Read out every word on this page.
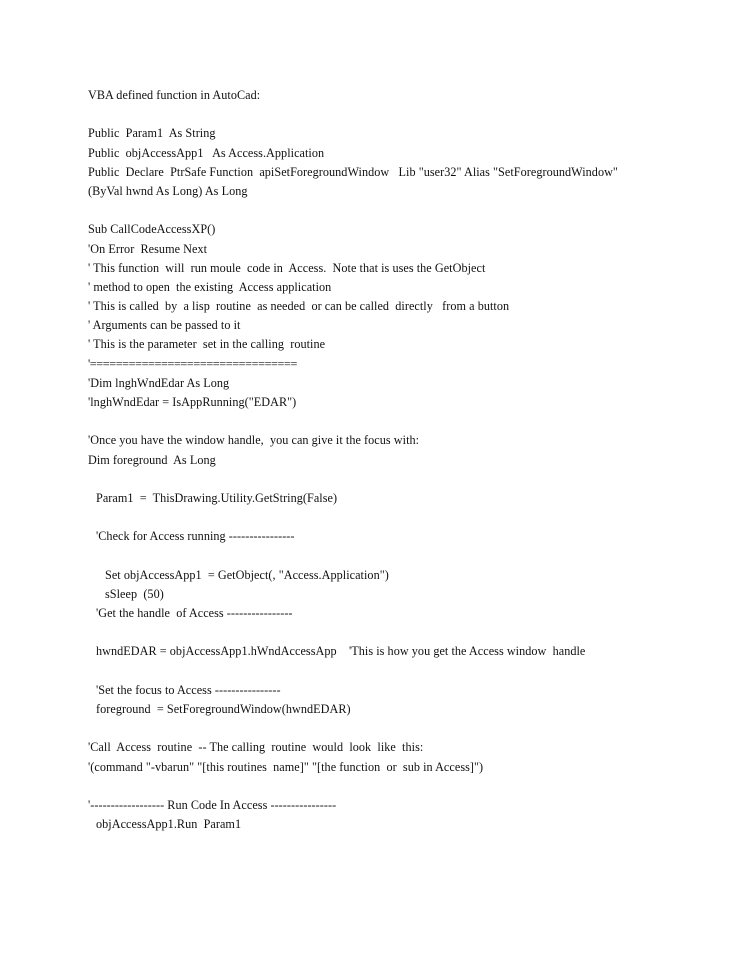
VBA defined function in AutoCad:
Public  Param1  As String
Public  objAccessApp1   As Access.Application
Public  Declare  PtrSafe Function  apiSetForegroundWindow   Lib "user32" Alias "SetForegroundWindow"
(ByVal hwnd As Long) As Long
Sub CallCodeAccessXP()
'On Error  Resume Next
' This function  will  run moule  code in  Access.  Note that is uses the GetObject
' method to open  the existing  Access application
' This is called  by  a lisp  routine  as needed  or can be called  directly   from a button
' Arguments can be passed to it
' This is the parameter  set in the calling  routine
'================================
'Dim lnghWndEdar As Long
'lnghWndEdar = IsAppRunning("EDAR")
'Once you have the window handle,  you can give it the focus with:
Dim foreground  As Long
Param1  =  ThisDrawing.Utility.GetString(False)
'Check for Access running ----------------
Set objAccessApp1  = GetObject(, "Access.Application")
sSleep  (50)
'Get the handle  of Access ----------------
hwndEDAR = objAccessApp1.hWndAccessApp    'This is how you get the Access window  handle
'Set the focus to Access ----------------
foreground  = SetForegroundWindow(hwndEDAR)
'Call  Access  routine  -- The calling  routine  would  look  like  this:
'(command "-vbarun" "[this routines  name]" "[the function  or  sub in Access]")
'------------------ Run Code In Access ----------------
objAccessApp1.Run  Param1
